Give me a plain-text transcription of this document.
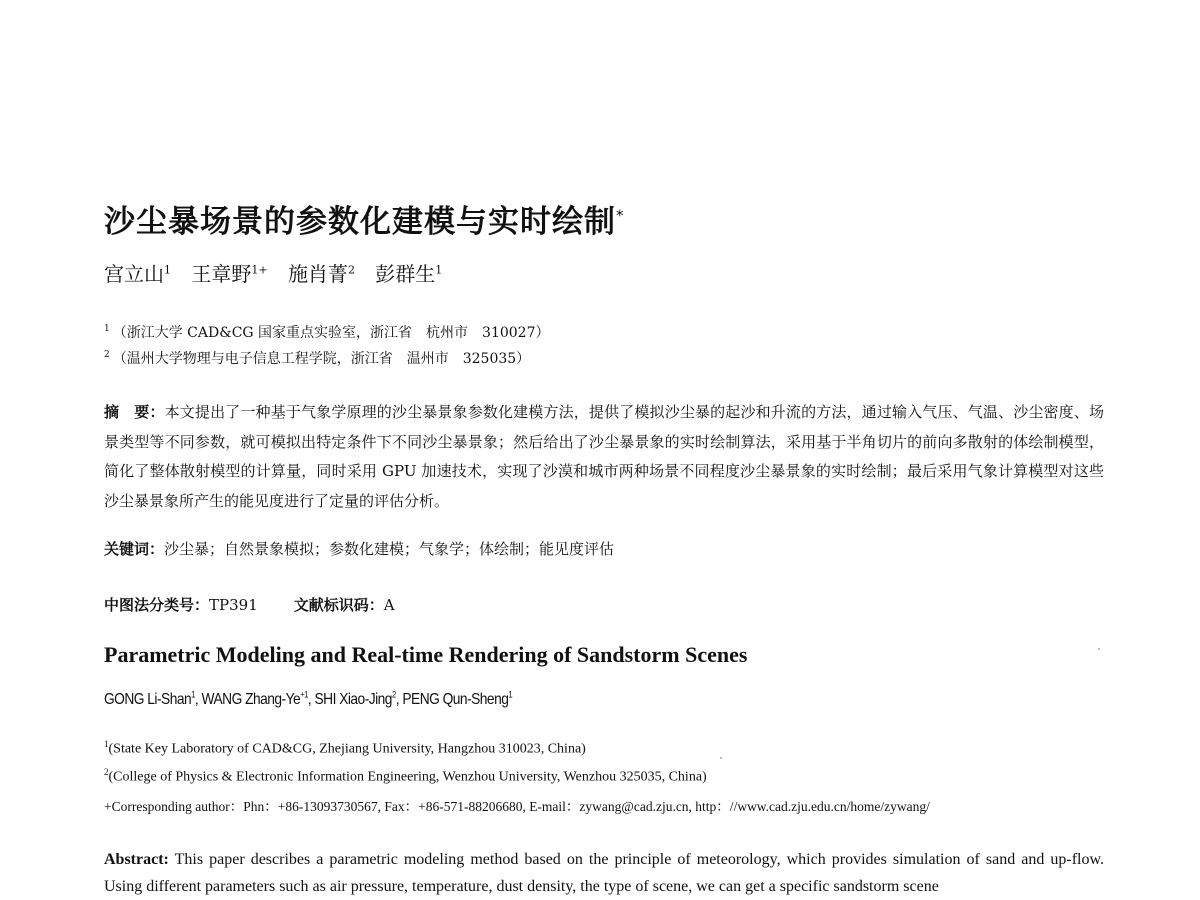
沙尘暴场景的参数化建模与实时绘制*
宫立山$^1$ 王章野$^{1+}$ 施肖菁$^2$ 彭群生$^1$
$^1$ （浙江大学 CAD&CG 国家重点实验室，浙江省　杭州市　310027）
$^2$ （温州大学物理与电子信息工程学院，浙江省　温州市　325035）
摘　要：本文提出了一种基于气象学原理的沙尘暴景象参数化建模方法，提供了模拟沙尘暴的起沙和升流的方法，通过输入气压、气温、沙尘密度、场景类型等不同参数，就可模拟出特定条件下不同沙尘暴景象；然后给出了沙尘暴景象的实时绘制算法，采用基于半角切片的前向多散射的体绘制模型，简化了整体散射模型的计算量，同时采用 GPU 加速技术，实现了沙漠和城市两种场景不同程度沙尘暴景象的实时绘制；最后采用气象计算模型对这些沙尘暴景象所产生的能见度进行了定量的评估分析。
关键词：沙尘暴；自然景象模拟；参数化建模；气象学；体绘制；能见度评估
中图法分类号：TP391 文献标识码：A
Parametric Modeling and Real-time Rendering of Sandstorm Scenes
GONG Li-Shan$^1$, WANG Zhang-$Ye^{+1}$, SHI Xiao-Jing$^2$, PENG Qun-Sheng$^1$
$^1$(State Key Laboratory of CAD&CG, Zhejiang University, Hangzhou 310023, China)
$^2$(College of Physics & Electronic Information Engineering, Wenzhou University, Wenzhou 325035, China)
+Corresponding author：Phn：+86-13093730567, Fax：+86-571-88206680, E-mail：zywang@cad.zju.cn, http：//www.cad.zju.edu.cn/home/zywang/
Abstract: This paper describes a parametric modeling method based on the principle of meteorology, which provides simulation of sand and up-flow. Using different parameters such as air pressure, temperature, dust density, the type of scene, we can get a specific sandstorm scene
